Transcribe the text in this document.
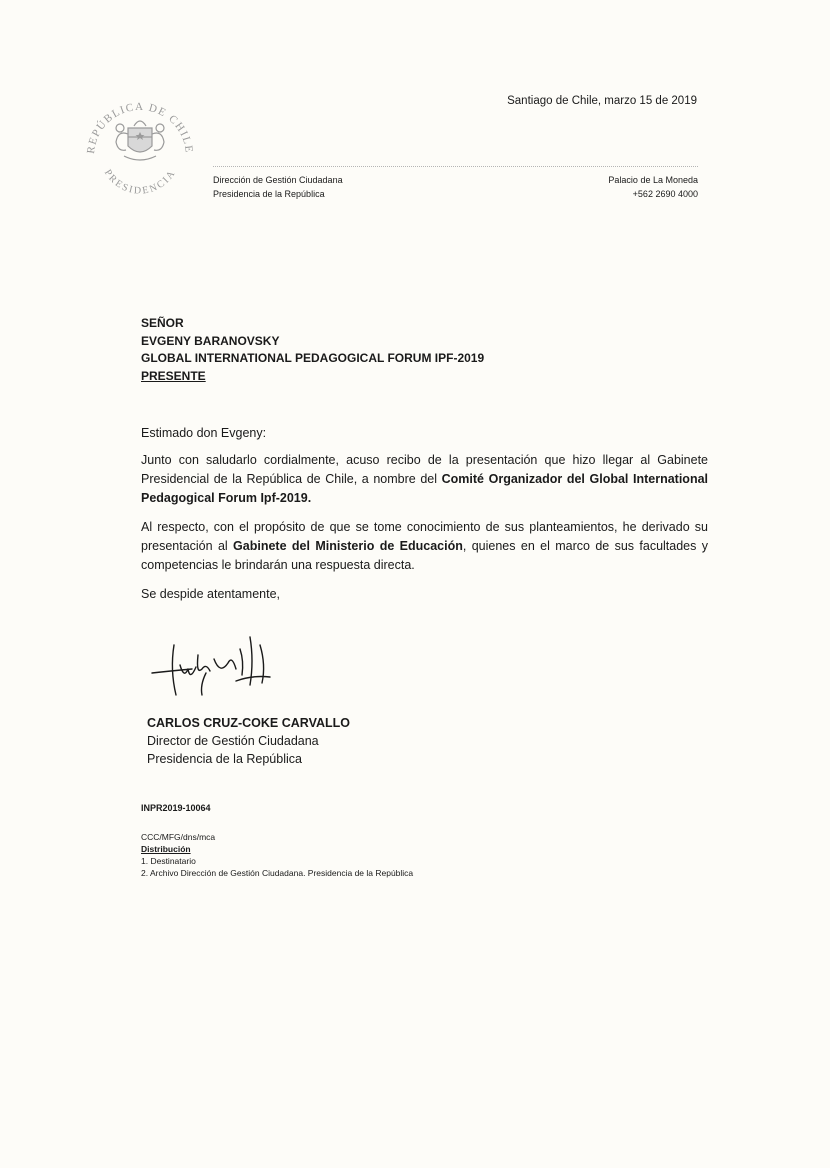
REPÚBLICA DE CHILE
PRESIDENCIA
Santiago de Chile, marzo 15 de 2019
Dirección de Gestión Ciudadana
Presidencia de la República
Palacio de La Moneda
+562 2690 4000
SEÑOR
EVGENY BARANOVSKY
GLOBAL INTERNATIONAL PEDAGOGICAL FORUM IPF-2019
PRESENTE
Estimado don Evgeny:
Junto con saludarlo cordialmente, acuso recibo de la presentación que hizo llegar al Gabinete Presidencial de la República de Chile, a nombre del Comité Organizador del Global International Pedagogical Forum Ipf-2019.
Al respecto, con el propósito de que se tome conocimiento de sus planteamientos, he derivado su presentación al Gabinete del Ministerio de Educación, quienes en el marco de sus facultades y competencias le brindarán una respuesta directa.
Se despide atentamente,
CARLOS CRUZ-COKE CARVALLO
Director de Gestión Ciudadana
Presidencia de la República
INPR2019-10064
CCC/MFG/dns/mca
Distribución
1. Destinatario
2. Archivo Dirección de Gestión Ciudadana. Presidencia de la República
